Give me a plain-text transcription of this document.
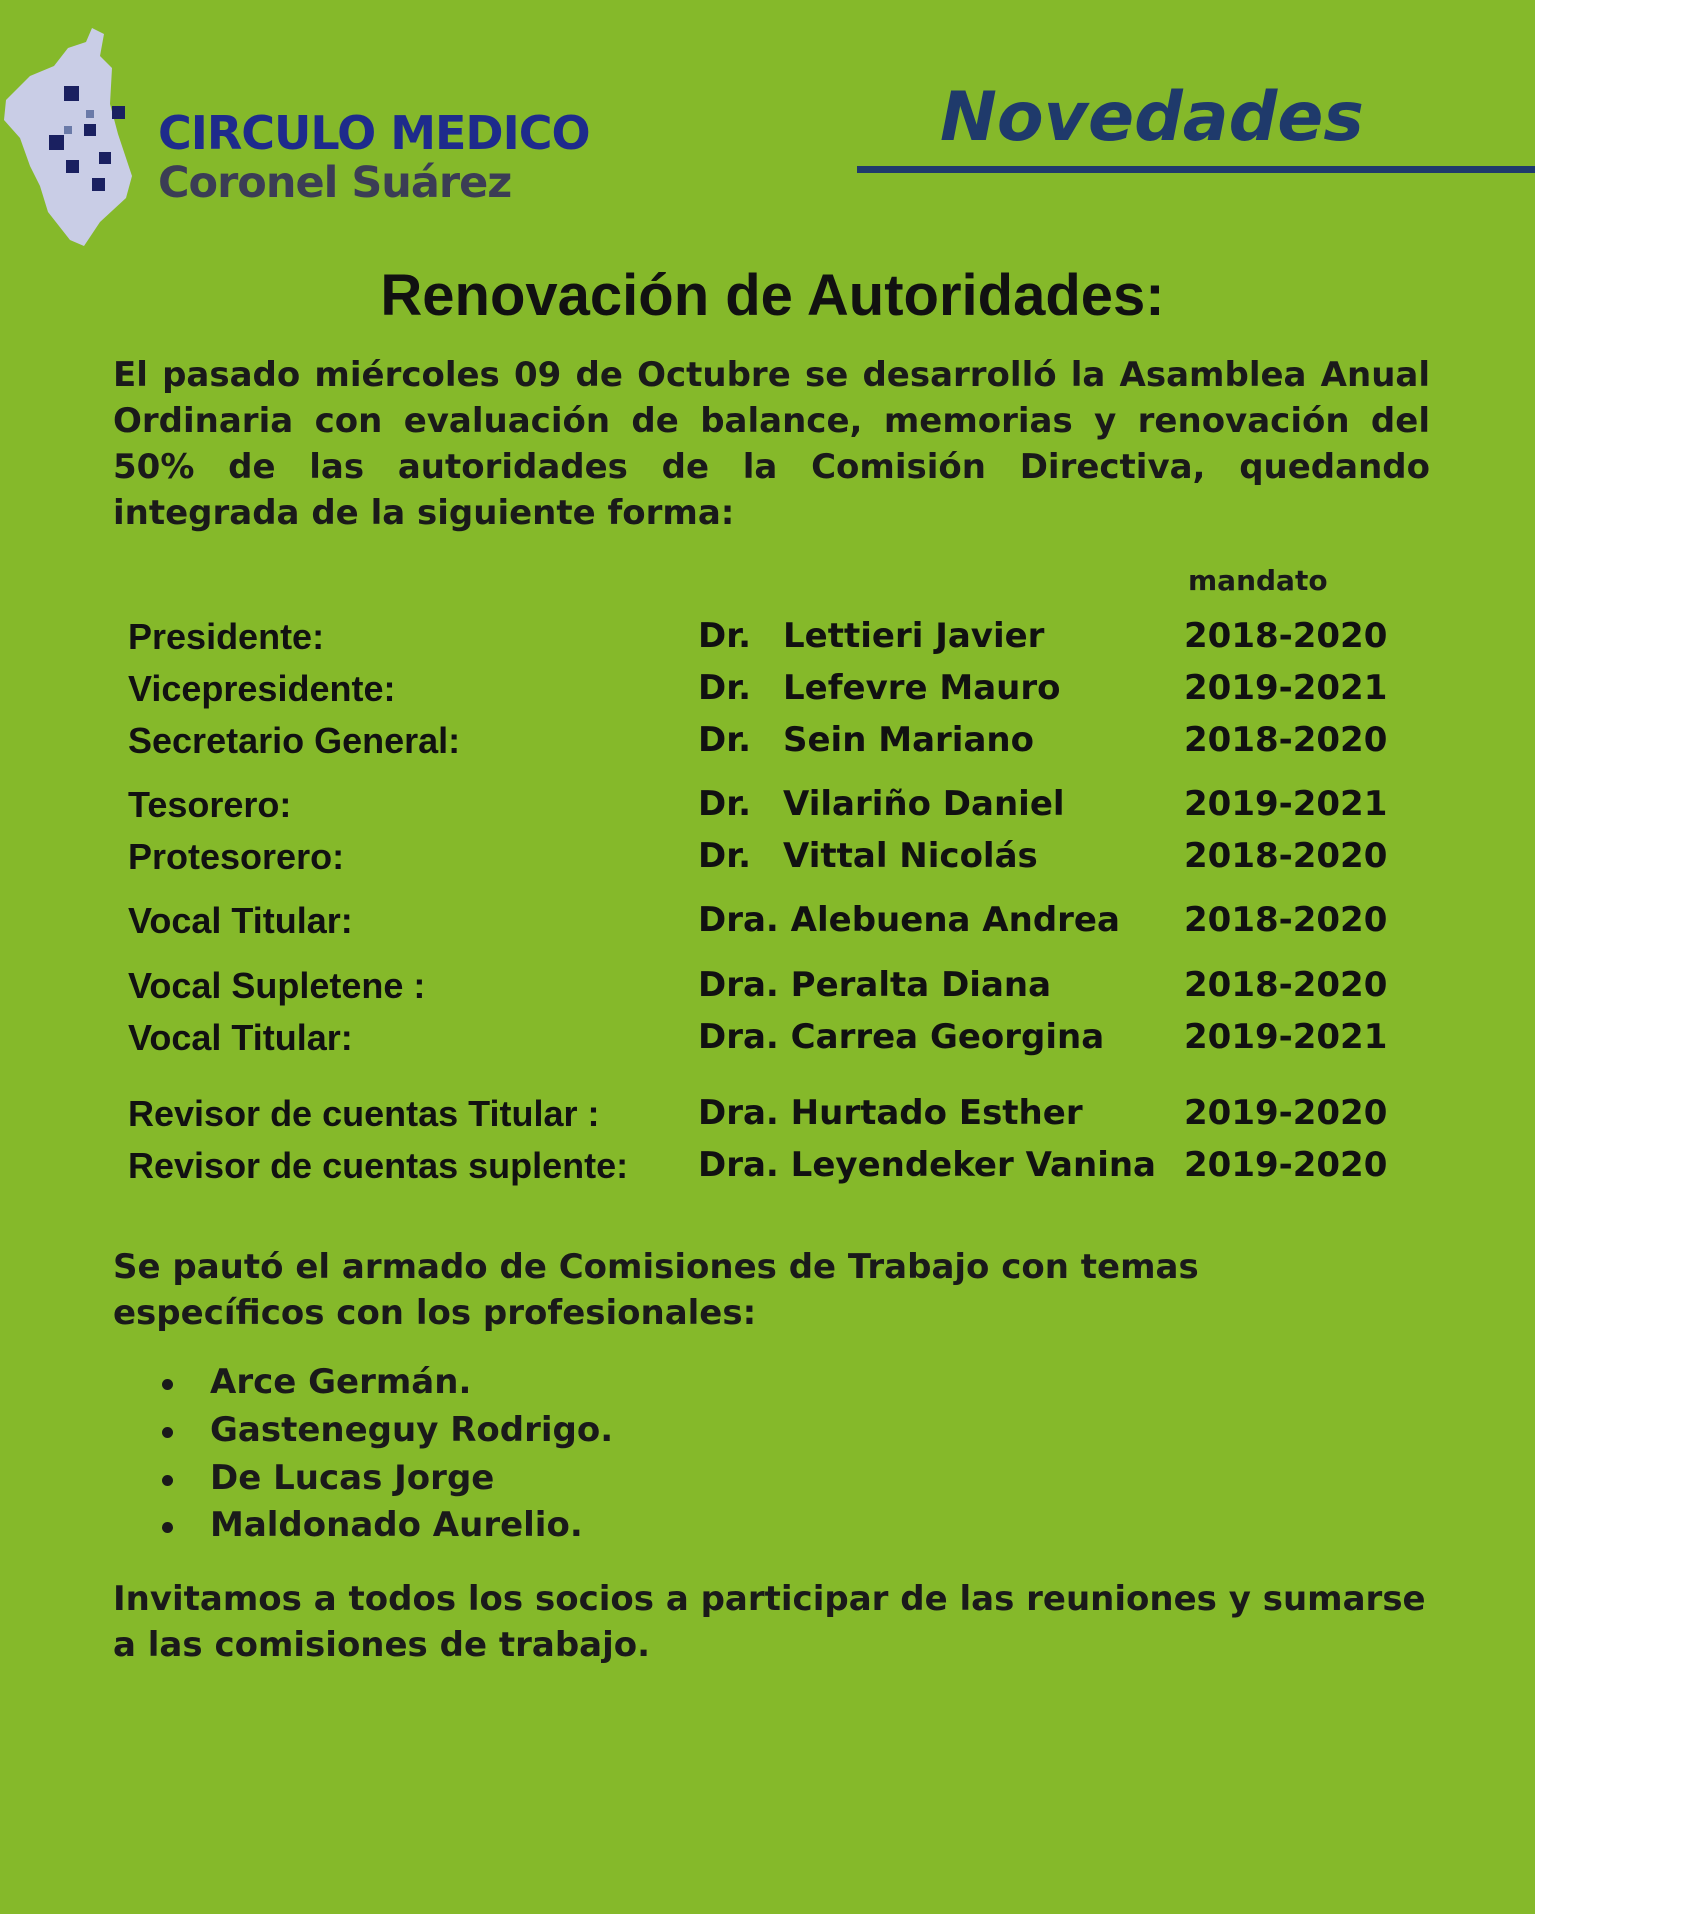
CIRCULO MEDICO
Coronel Suárez
Novedades
Novedades
Renovación de Autoridades:
El pasado miércoles 09 de Octubre se desarrolló la Asamblea Anual Ordinaria con evaluación de balance, memorias y renovación del 50% de las autoridades de la Comisión Directiva, quedando integrada de la siguiente forma:
mandato
Presidente:	Dr. Lettieri Javier	2018-2020
Vicepresidente:	Dr. Lefevre Mauro	2019-2021
Secretario General:	Dr. Sein Mariano	2018-2020
Tesorero:	Dr. Vilariño Daniel	2019-2021
Protesorero:	Dr. Vittal Nicolás	2018-2020
Vocal Titular:	Dra. Alebuena Andrea 2018-2020
Vocal Supletene :	Dra. Peralta Diana	2018-2020
Vocal Titular:	Dra. Carrea Georgina 2019-2021
Revisor de cuentas Titular :	Dra. Hurtado Esther	2019-2020
Revisor de cuentas suplente: Dra. Leyendeker Vanina 2019-2020
Se pautó el armado de Comisiones de Trabajo con temas específicos con los profesionales:
Arce Germán.
Gasteneguy Rodrigo.
De Lucas Jorge
Maldonado Aurelio.
Invitamos a todos los socios a participar de las reuniones y sumarse a las comisiones de trabajo.
